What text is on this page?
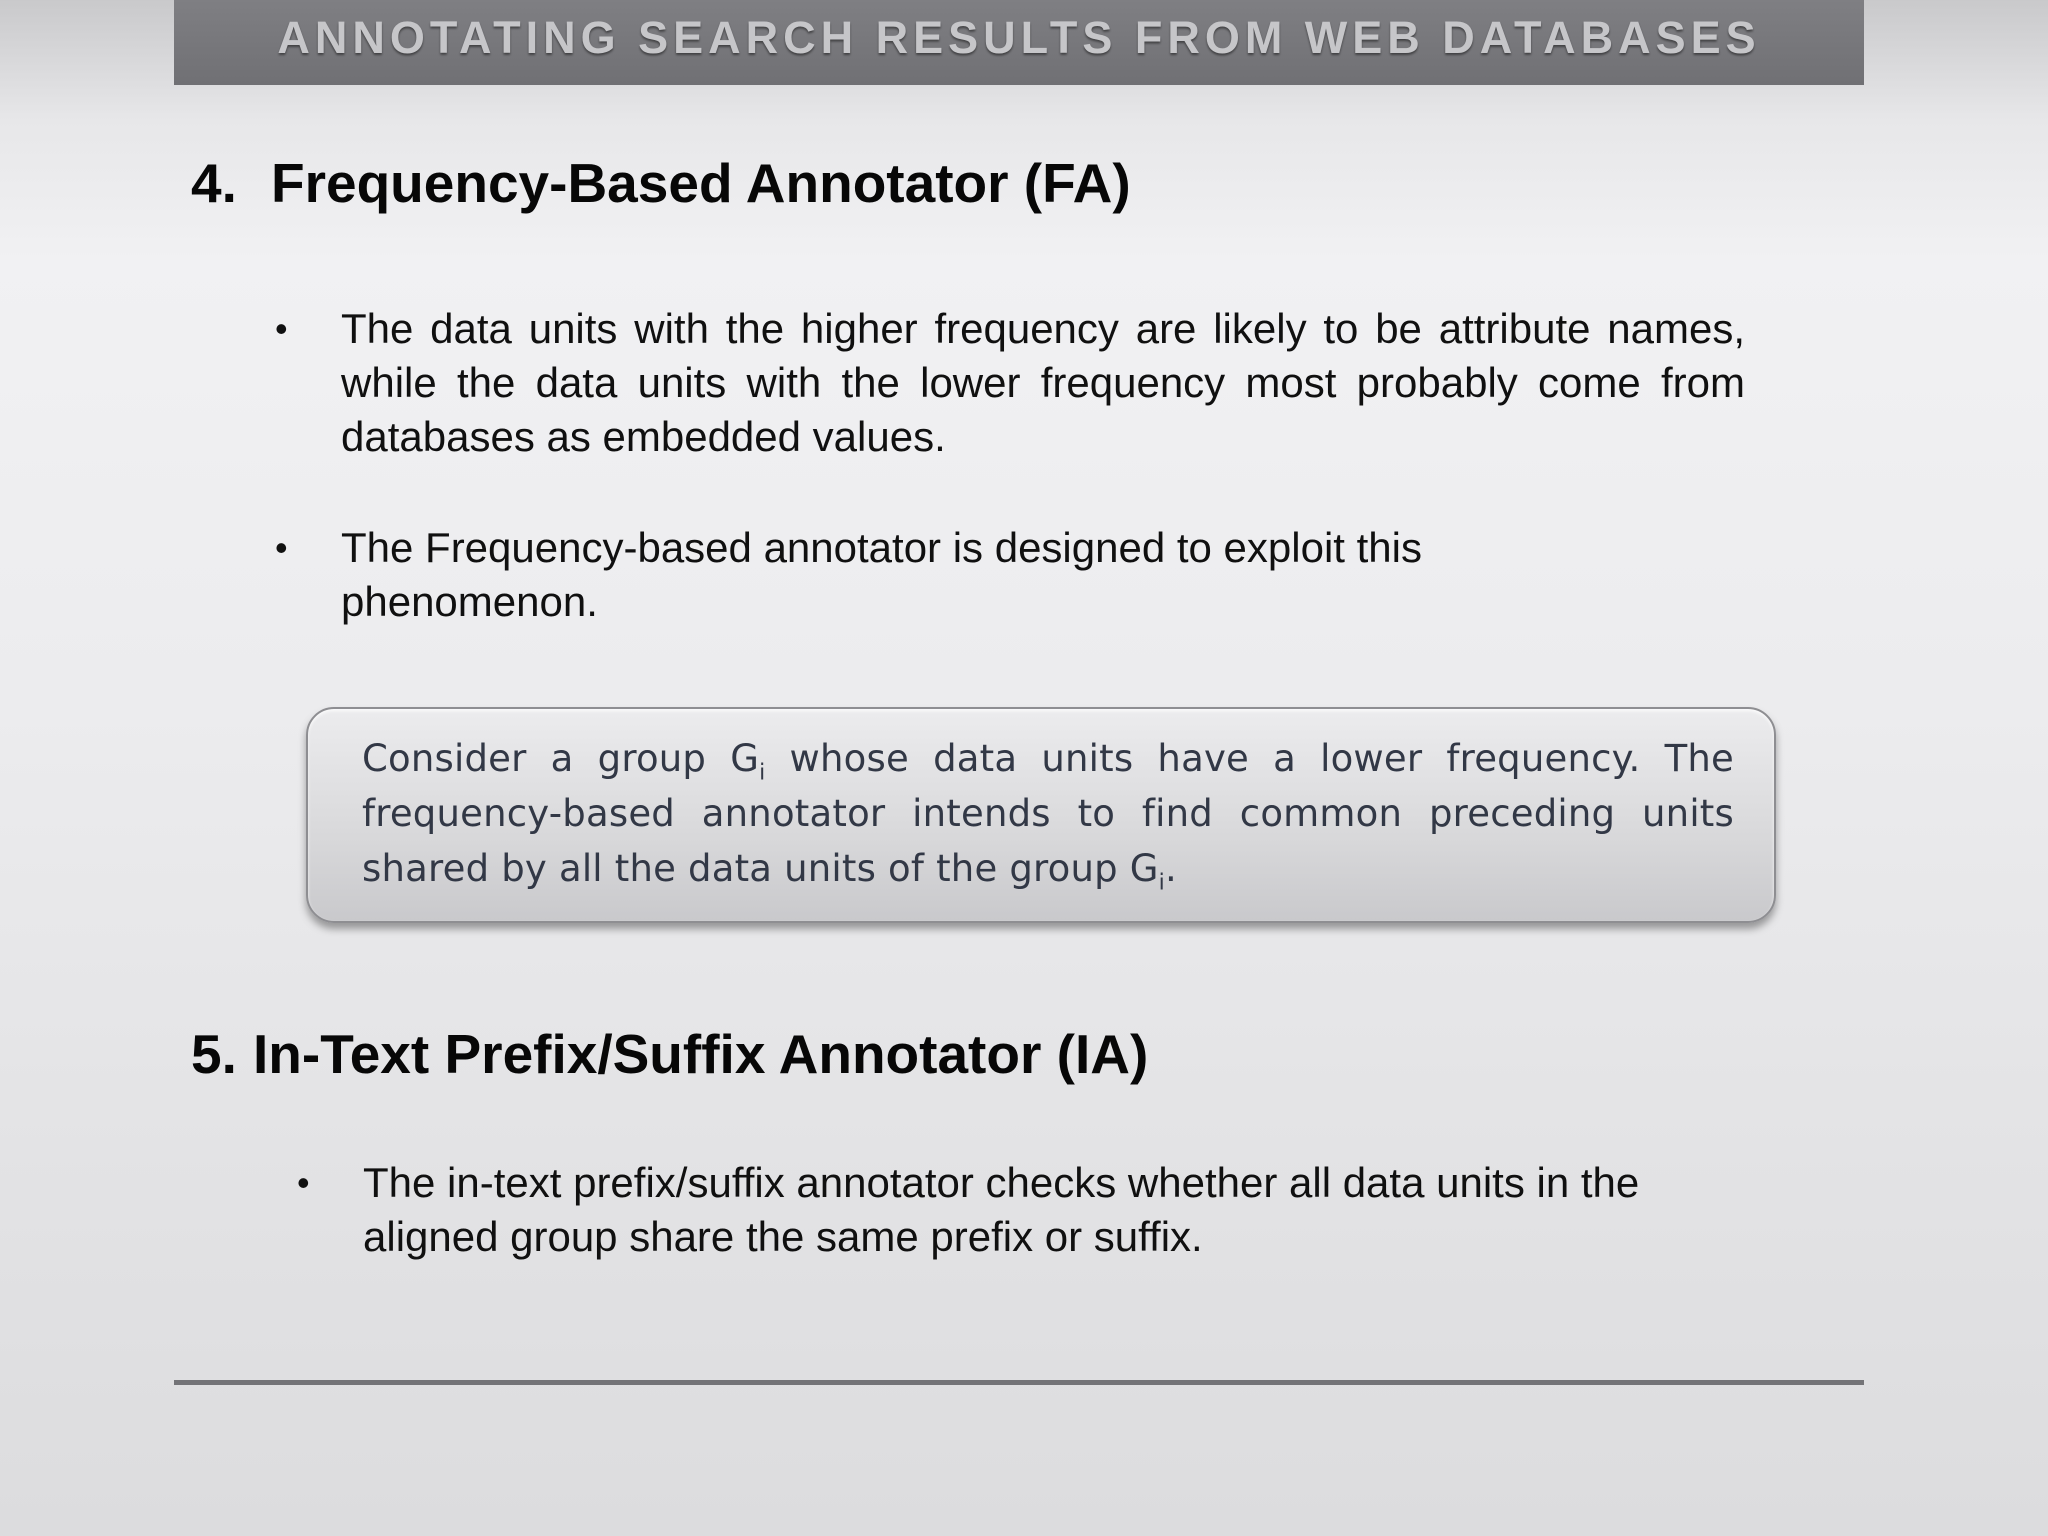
ANNOTATING SEARCH RESULTS FROM WEB DATABASES
4. Frequency-Based Annotator (FA)
• The data units with the higher frequency are likely to be attribute names, while the data units with the lower frequency most probably come from databases as embedded values.
• The Frequency-based annotator is designed to exploit this phenomenon.
Consider a group $G_i$ whose data units have a lower frequency. The frequency-based annotator intends to find common preceding units shared by all the data units of the group $G_i$.
5. In-Text Prefix/Suffix Annotator (IA)
• The in-text prefix/suffix annotator checks whether all data units in the aligned group share the same prefix or suffix.
